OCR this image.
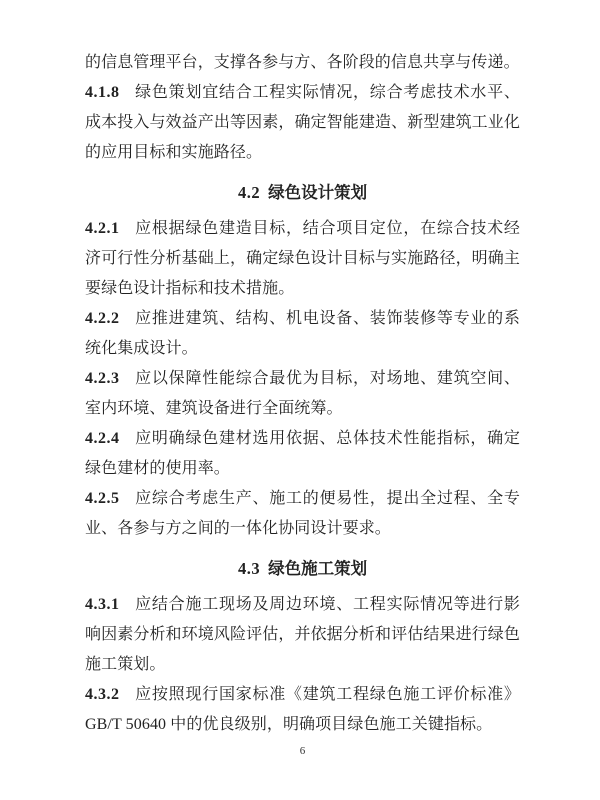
的信息管理平台，支撑各参与方、各阶段的信息共享与传递。

4.1.8 绿色策划宜结合工程实际情况，综合考虑技术水平、成本投入与效益产出等因素，确定智能建造、新型建筑工业化的应用目标和实施路径。

4.2 绿色设计策划

4.2.1 应根据绿色建造目标，结合项目定位，在综合技术经济可行性分析基础上，确定绿色设计目标与实施路径，明确主要绿色设计指标和技术措施。

4.2.2 应推进建筑、结构、机电设备、装饰装修等专业的系统化集成设计。

4.2.3 应以保障性能综合最优为目标，对场地、建筑空间、室内环境、建筑设备进行全面统筹。

4.2.4 应明确绿色建材选用依据、总体技术性能指标，确定绿色建材的使用率。

4.2.5 应综合考虑生产、施工的便易性，提出全过程、全专业、各参与方之间的一体化协同设计要求。

4.3 绿色施工策划

4.3.1 应结合施工现场及周边环境、工程实际情况等进行影响因素分析和环境风险评估，并依据分析和评估结果进行绿色施工策划。

4.3.2 应按照现行国家标准《建筑工程绿色施工评价标准》GB/T 50640 中的优良级别，明确项目绿色施工关键指标。

6
